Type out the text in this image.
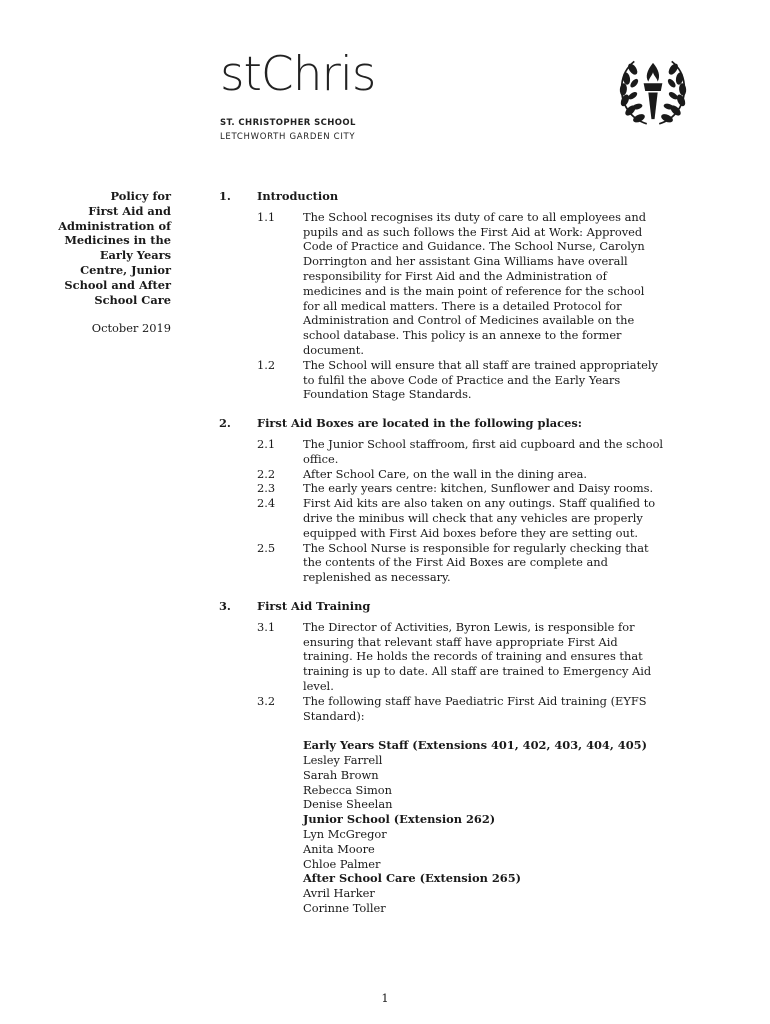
stChris
ST. CHRISTOPHER SCHOOL
LETCHWORTH GARDEN CITY
Policy for
First Aid and
Administration of
Medicines in the
Early Years
Centre, Junior
School and After
School Care
October 2019
1.	Introduction
1.1	The School recognises its duty of care to all employees and
pupils and as such follows the First Aid at Work: Approved
Code of Practice and Guidance. The School Nurse, Carolyn
Dorrington and her assistant Gina Williams have overall
responsibility for First Aid and the Administration of
medicines and is the main point of reference for the school
for all medical matters. There is a detailed Protocol for
Administration and Control of Medicines available on the
school database. This policy is an annexe to the former
document.
1.2	The School will ensure that all staff are trained appropriately
to fulfil the above Code of Practice and the Early Years
Foundation Stage Standards.
2.	First Aid Boxes are located in the following places:
2.1	The Junior School staffroom, first aid cupboard and the school
office.
2.2	After School Care, on the wall in the dining area.
2.3	The early years centre: kitchen, Sunflower and Daisy rooms.
2.4	First Aid kits are also taken on any outings. Staff qualified to
drive the minibus will check that any vehicles are properly
equipped with First Aid boxes before they are setting out.
2.5	The School Nurse is responsible for regularly checking that
the contents of the First Aid Boxes are complete and
replenished as necessary.
3.	First Aid Training
3.1	The Director of Activities, Byron Lewis, is responsible for
ensuring that relevant staff have appropriate First Aid
training. He holds the records of training and ensures that
training is up to date. All staff are trained to Emergency Aid
level.
3.2	The following staff have Paediatric First Aid training (EYFS
Standard):
Early Years Staff (Extensions 401, 402, 403, 404, 405)
Lesley Farrell
Sarah Brown
Rebecca Simon
Denise Sheelan
Junior School (Extension 262)
Lyn McGregor
Anita Moore
Chloe Palmer
After School Care (Extension 265)
Avril Harker
Corinne Toller
1
